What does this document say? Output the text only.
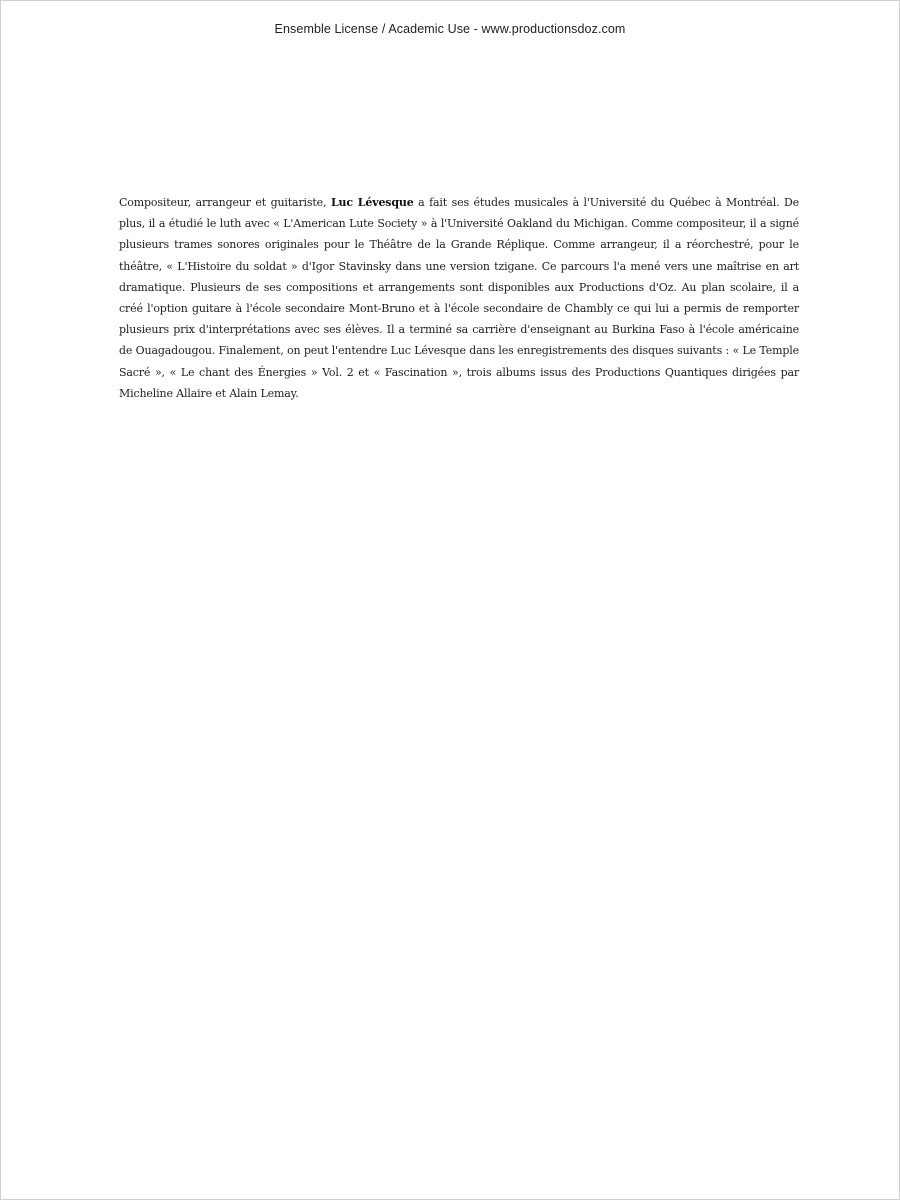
Ensemble License / Academic Use - www.productionsdoz.com

Compositeur, arrangeur et guitariste, Luc Lévesque a fait ses études musicales à l'Université du Québec à Montréal. De plus, il a étudié le luth avec « L'American Lute Society » à l'Université Oakland du Michigan. Comme compositeur, il a signé plusieurs trames sonores originales pour le Théâtre de la Grande Réplique. Comme arrangeur, il a réorchestré, pour le théâtre, « L'Histoire du soldat » d'Igor Stavinsky dans une version tzigane. Ce parcours l'a mené vers une maîtrise en art dramatique. Plusieurs de ses compositions et arrangements sont disponibles aux Productions d'Oz. Au plan scolaire, il a créé l'option guitare à l'école secondaire Mont-Bruno et à l'école secondaire de Chambly ce qui lui a permis de remporter plusieurs prix d'interprétations avec ses élèves. Il a terminé sa carrière d'enseignant au Burkina Faso à l'école américaine de Ouagadougou. Finalement, on peut l'entendre Luc Lévesque dans les enregistrements des disques suivants : « Le Temple Sacré », « Le chant des Énergies » Vol. 2 et « Fascination », trois albums issus des Productions Quantiques dirigées par Micheline Allaire et Alain Lemay.
